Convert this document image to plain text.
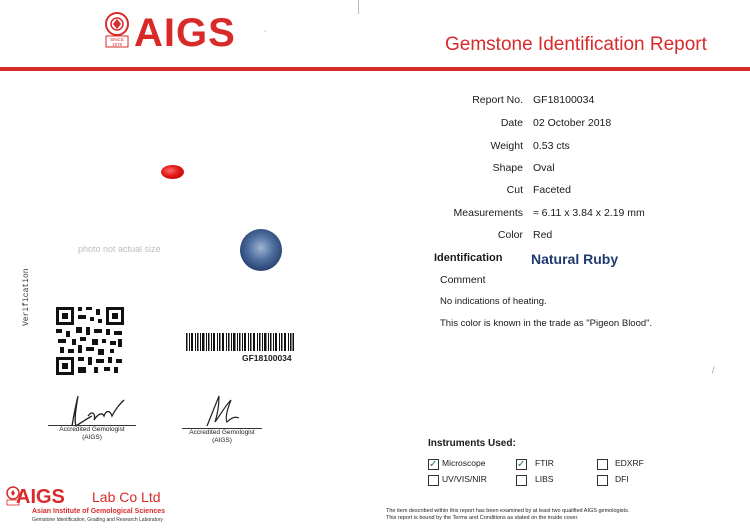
SINCE
1978 AIGS	`	Gemstone Identification Report
Report No. GF18100034
Date 02 October 2018
Weight 0.53 cts
Shape Oval
Cut Faceted
Measurements ≈ 6.11 x 3.84 x 2.19 mm
Color Red
Identification Natural Ruby
Comment
No indications of heating.
This color is known in the trade as "Pigeon Blood".
/
photo not actual size
Verification
GF18100034
Accredited Gemologist
(AIGS)
Accredited Gemologist
(AIGS)	Instruments Used:
✓ Microscope	✓ FTIR	EDXRF
UV/VIS/NIR	LIBS	DFI
AIGS Lab Co Ltd
Asian Institute of Gemological Sciences
Gemstone Identification, Grading and Research Laboratory
The item described within this report has been examined by at least two qualified AIGS gemologists.
This report is bound by the Terms and Conditions as stated on the inside cover.
